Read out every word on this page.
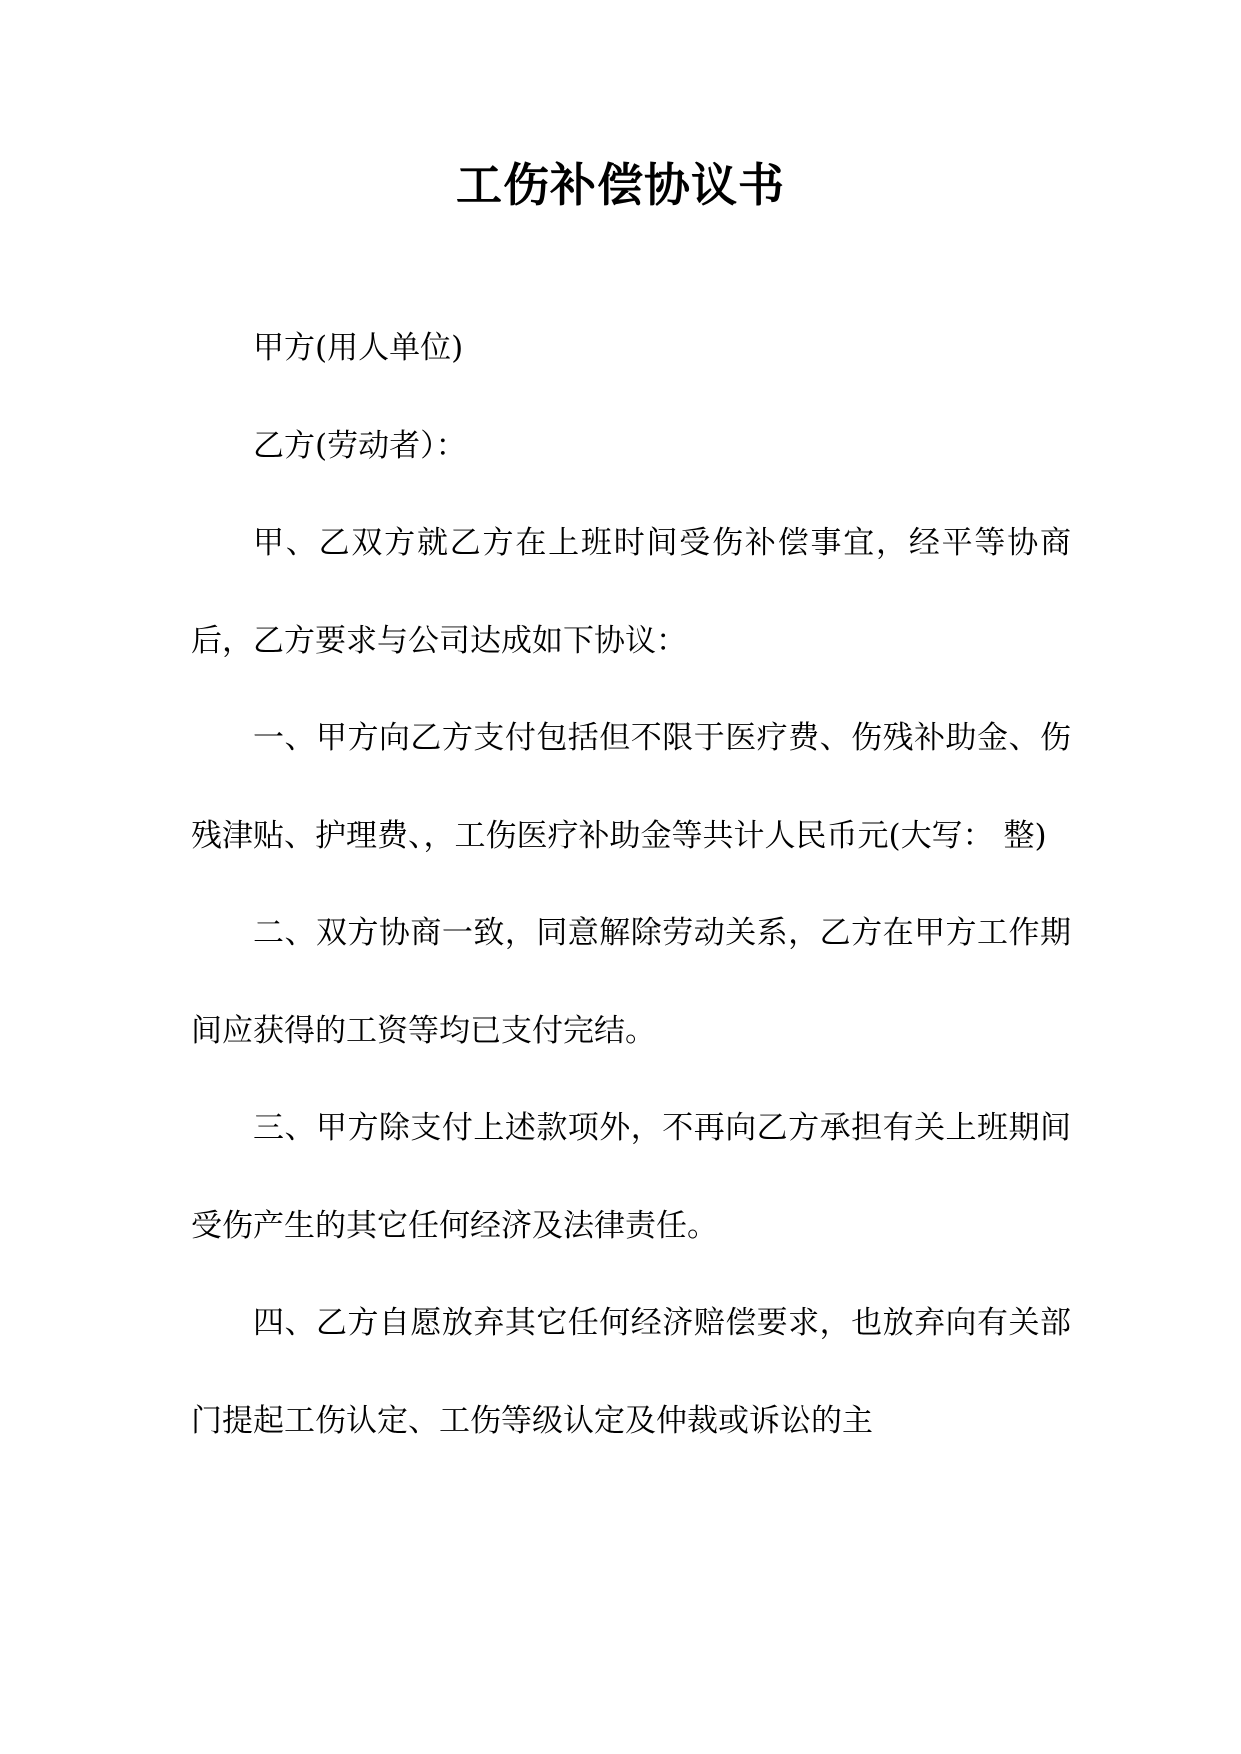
工伤补偿协议书

甲方(用人单位)

乙方(劳动者）：

甲、乙双方就乙方在上班时间受伤补偿事宜，经平等协商后，乙方要求与公司达成如下协议：

一、甲方向乙方支付包括但不限于医疗费、伤残补助金、伤残津贴、护理费、，工伤医疗补助金等共计人民币元(大写： 整)

二、双方协商一致，同意解除劳动关系，乙方在甲方工作期间应获得的工资等均已支付完结。

三、甲方除支付上述款项外，不再向乙方承担有关上班期间受伤产生的其它任何经济及法律责任。

四、乙方自愿放弃其它任何经济赔偿要求，也放弃向有关部门提起工伤认定、工伤等级认定及仲裁或诉讼的主
